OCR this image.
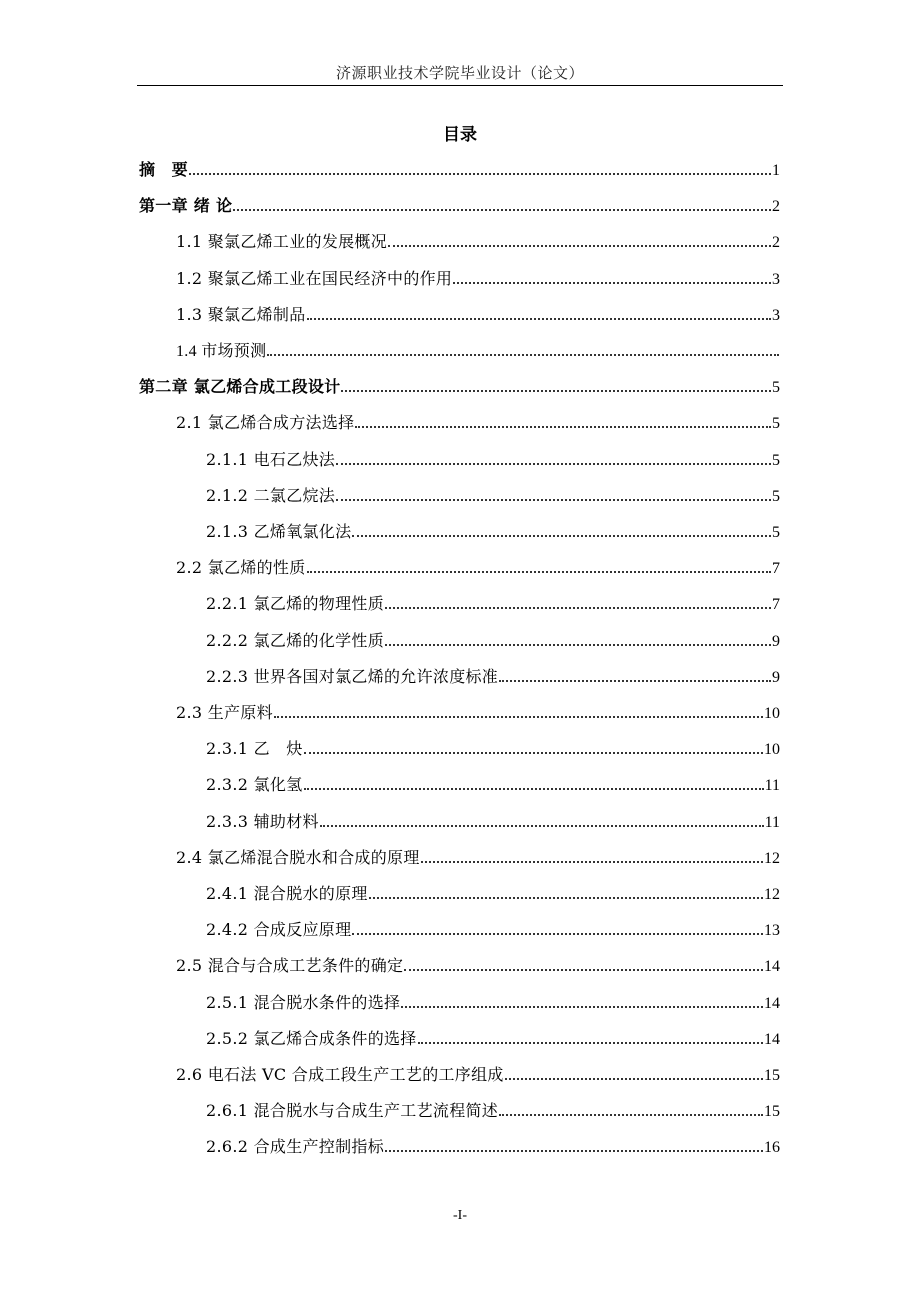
济源职业技术学院毕业设计（论文）
目录
摘　要	1
第一章 绪 论	2
1.1 聚氯乙烯工业的发展概况	2
1.2 聚氯乙烯工业在国民经济中的作用	3
1.3 聚氯乙烯制品	3
1.4 市场预测
第二章 氯乙烯合成工段设计	5
2.1 氯乙烯合成方法选择	5
2.1.1 电石乙炔法	5
2.1.2 二氯乙烷法	5
2.1.3 乙烯氧氯化法	5
2.2 氯乙烯的性质	7
2.2.1 氯乙烯的物理性质	7
2.2.2 氯乙烯的化学性质	9
2.2.3 世界各国对氯乙烯的允许浓度标准	9
2.3 生产原料	10
2.3.1 乙　炔	10
2.3.2 氯化氢	11
2.3.3 辅助材料	11
2.4 氯乙烯混合脱水和合成的原理	12
2.4.1 混合脱水的原理	12
2.4.2 合成反应原理	13
2.5 混合与合成工艺条件的确定	14
2.5.1 混合脱水条件的选择	14
2.5.2 氯乙烯合成条件的选择	14
2.6 电石法 VC 合成工段生产工艺的工序组成	15
2.6.1 混合脱水与合成生产工艺流程简述	15
2.6.2 合成生产控制指标	16
-I-
